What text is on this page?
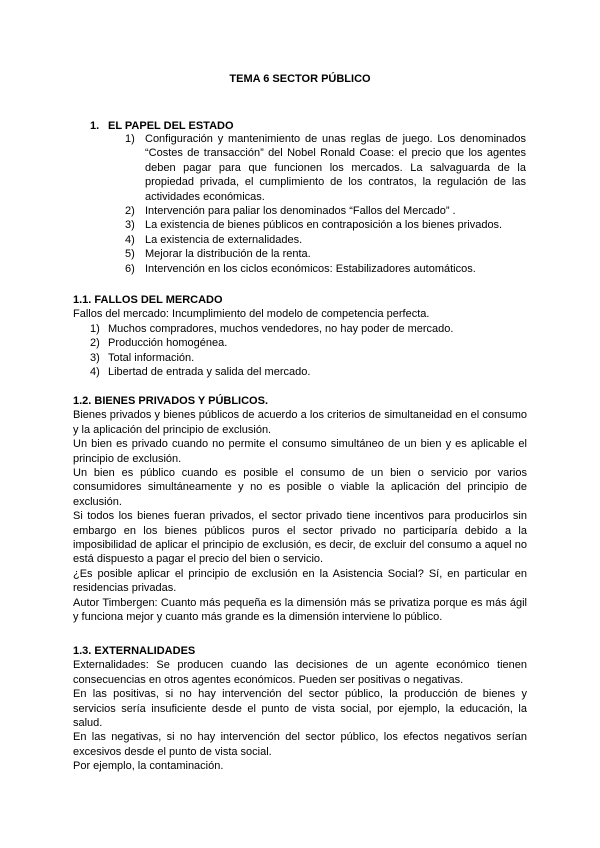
TEMA 6 SECTOR PÚBLICO
1. EL PAPEL DEL ESTADO
1) Configuración y mantenimiento de unas reglas de juego. Los denominados “Costes de transacción” del Nobel Ronald Coase: el precio que los agentes deben pagar para que funcionen los mercados. La salvaguarda de la propiedad privada, el cumplimiento de los contratos, la regulación de las actividades económicas.
2) Intervención para paliar los denominados “Fallos del Mercado” .
3) La existencia de bienes públicos en contraposición a los bienes privados.
4) La existencia de externalidades.
5) Mejorar la distribución de la renta.
6) Intervención en los ciclos económicos: Estabilizadores automáticos.
1.1. FALLOS DEL MERCADO

Fallos del mercado: Incumplimiento del modelo de competencia perfecta.

1) Muchos compradores, muchos vendedores, no hay poder de mercado.
2) Producción homogénea.
3) Total información.
4) Libertad de entrada y salida del mercado.
1.2. BIENES PRIVADOS Y PÚBLICOS.

Bienes privados y bienes públicos de acuerdo a los criterios de simultaneidad en el consumo y la aplicación del principio de exclusión.

Un bien es privado cuando no permite el consumo simultáneo de un bien y es aplicable el principio de exclusión.

Un bien es público cuando es posible el consumo de un bien o servicio por varios consumidores simultáneamente y no es posible o viable la aplicación del principio de exclusión.

Si todos los bienes fueran privados, el sector privado tiene incentivos para producirlos sin embargo en los bienes públicos puros el sector privado no participaría debido a la imposibilidad de aplicar el principio de exclusión, es decir, de excluir del consumo a aquel no está dispuesto a pagar el precio del bien o servicio.

¿Es posible aplicar el principio de exclusión en la Asistencia Social? Sí, en particular en residencias privadas.

Autor Timbergen: Cuanto más pequeña es la dimensión más se privatiza porque es más ágil y funciona mejor y cuanto más grande es la dimensión interviene lo público.

1.3. EXTERNALIDADES

Externalidades: Se producen cuando las decisiones de un agente económico tienen consecuencias en otros agentes económicos. Pueden ser positivas o negativas.

En las positivas, si no hay intervención del sector público, la producción de bienes y servicios sería insuficiente desde el punto de vista social, por ejemplo, la educación, la salud.

En las negativas, si no hay intervención del sector público, los efectos negativos serían excesivos desde el punto de vista social.

Por ejemplo, la contaminación.
